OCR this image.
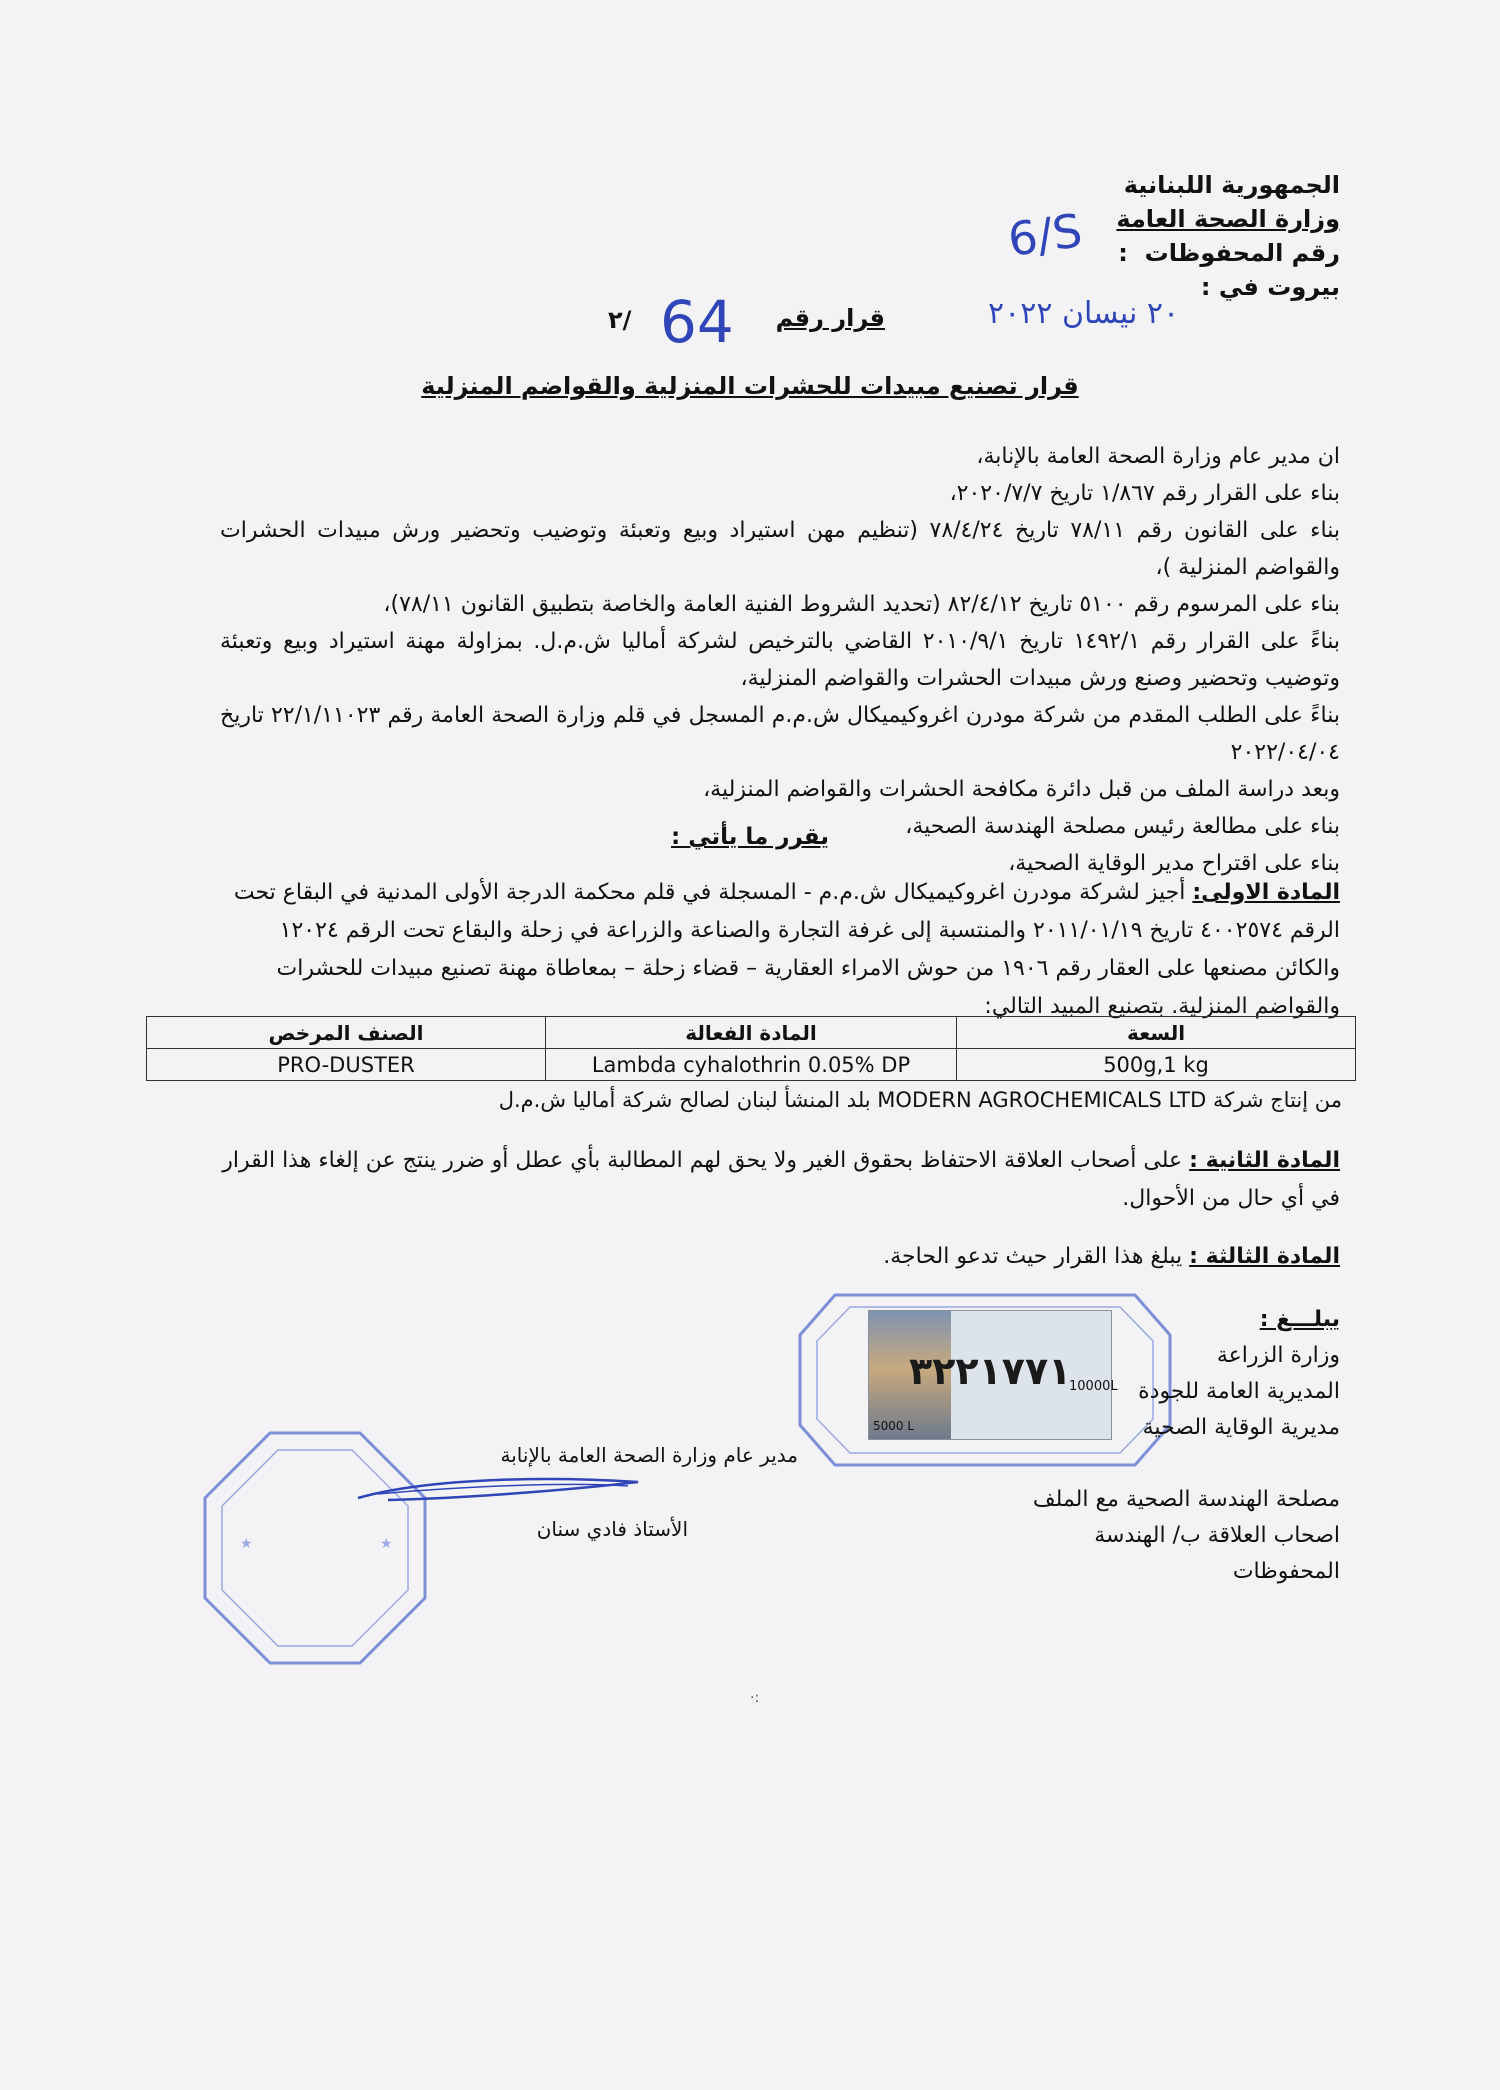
الجمهورية اللبنانية
وزارة الصحة العامة
رقم المحفوظات  :
بيروت في :
6/S
٢٠ نيسان ٢٠٢٢
قرار رقم
64
/٢
قرار تصنيع مبيدات للحشرات المنزلية والقواضم المنزلية

ان مدير عام وزارة الصحة العامة بالإنابة،

بناء على القرار رقم ١/٨٦٧ تاريخ ٢٠٢٠/٧/٧،

بناء على القانون رقم ٧٨/١١ تاريخ ٧٨/٤/٢٤ (تنظيم مهن استيراد وبيع وتعبئة وتوضيب وتحضير ورش مبيدات الحشرات والقواضم المنزلية )،

بناء على المرسوم رقم ٥١٠٠ تاريخ ٨٢/٤/١٢ (تحديد الشروط الفنية العامة والخاصة بتطبيق القانون ٧٨/١١)،

بناءً على القرار رقم ١٤٩٢/١ تاريخ ٢٠١٠/٩/١ القاضي بالترخيص لشركة أماليا ش.م.ل. بمزاولة مهنة استيراد وبيع وتعبئة وتوضيب وتحضير وصنع ورش مبيدات الحشرات والقواضم المنزلية،

بناءً على الطلب المقدم من شركة مودرن اغروكيميكال ش.م.م المسجل في قلم وزارة الصحة العامة رقم ٢٢/١/١١٠٢٣ تاريخ ٢٠٢٢/٠٤/٠٤

وبعد دراسة الملف من قبل دائرة مكافحة الحشرات والقواضم المنزلية،

بناء على مطالعة رئيس مصلحة الهندسة الصحية،

بناء على اقتراح مدير الوقاية الصحية،

يقرر ما يأتي :

المادة الاولى: أجيز لشركة مودرن اغروكيميكال ش.م.م - المسجلة في قلم محكمة الدرجة الأولى المدنية في البقاع تحت الرقم ٤٠٠٢٥٧٤ تاريخ ٢٠١١/٠١/١٩ والمنتسبة إلى غرفة التجارة والصناعة والزراعة في زحلة والبقاع تحت الرقم ١٢٠٢٤ والكائن مصنعها على العقار رقم ١٩٠٦ من حوش الامراء العقارية – قضاء زحلة – بمعاطاة مهنة تصنيع مبيدات للحشرات والقواضم المنزلية. بتصنيع المبيد التالي:

الصنف المرخص	المادة الفعالة	السعة
PRO-DUSTER	Lambda cyhalothrin 0.05% DP	500g,1 kg
من إنتاج شركة MODERN AGROCHEMICALS LTD بلد المنشأ لبنان لصالح شركة أماليا ش.م.ل

المادة الثانية : على أصحاب العلاقة الاحتفاظ بحقوق الغير ولا يحق لهم المطالبة بأي عطل أو ضرر ينتج عن إلغاء هذا القرار في أي حال من الأحوال.

المادة الثالثة : يبلغ هذا القرار حيث تدعو الحاجة.

٣٢٢١٧٧١
5000 L
10000L
يبلـــغ :
وزارة الزراعة
المديرية العامة للجودة
مديرية الوقاية الصحية

مصلحة الهندسة الصحية مع الملف
اصحاب العلاقة ب/ الهندسة
المحفوظات
★	★
مدير عام وزارة الصحة العامة بالإنابة
الأستاذ فادي سنان
·:
